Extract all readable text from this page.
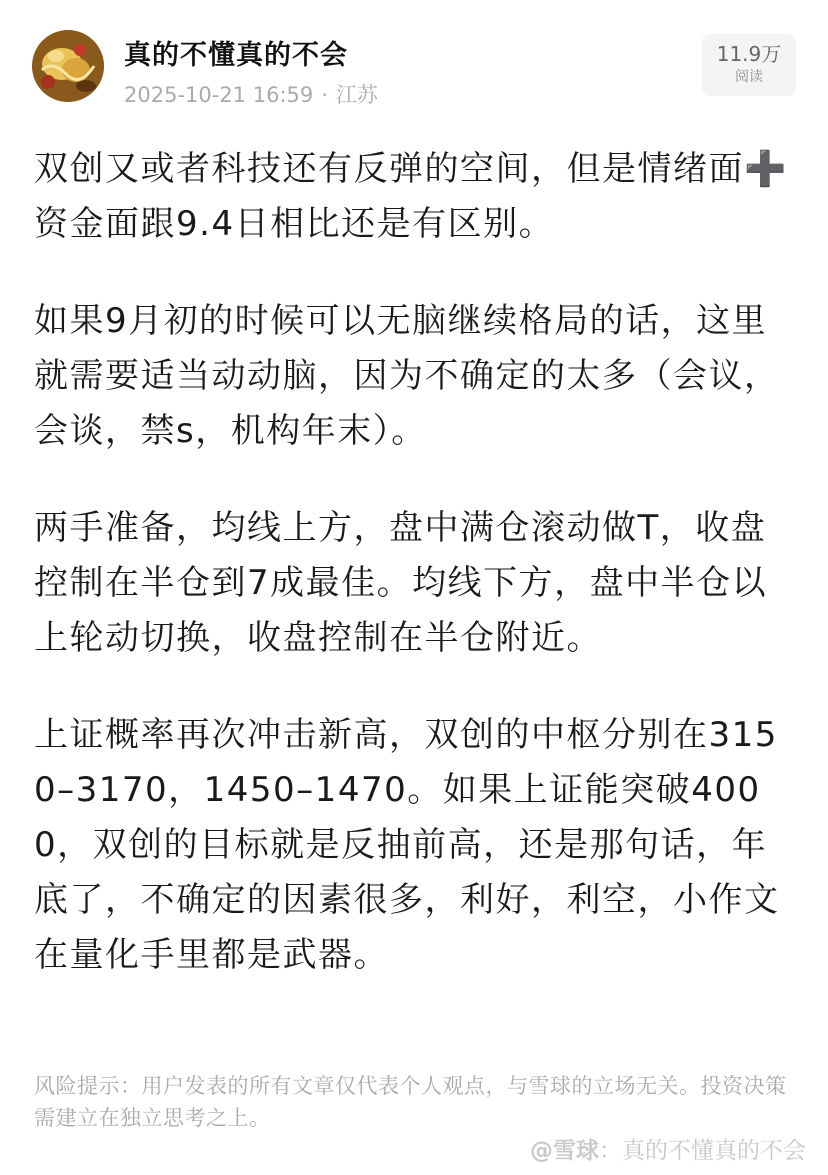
真的不懂真的不会
2025-10-21 16:59 · 江苏
11.9万
阅读

双创又或者科技还有反弹的空间，但是情绪面➕资金面跟9.4日相比还是有区别。

如果9月初的时候可以无脑继续格局的话，这里就需要适当动动脑，因为不确定的太多（会议，会谈，禁s，机构年末）。

两手准备，均线上方，盘中满仓滚动做T，收盘控制在半仓到7成最佳。均线下方，盘中半仓以上轮动切换，收盘控制在半仓附近。

上证概率再次冲击新高，双创的中枢分别在3150–3170，1450–1470。如果上证能突破4000，双创的目标就是反抽前高，还是那句话，年底了，不确定的因素很多，利好，利空，小作文在量化手里都是武器。

风险提示：用户发表的所有文章仅代表个人观点，与雪球的立场无关。投资决策需建立在独立思考之上。
@雪球：真的不懂真的不会
